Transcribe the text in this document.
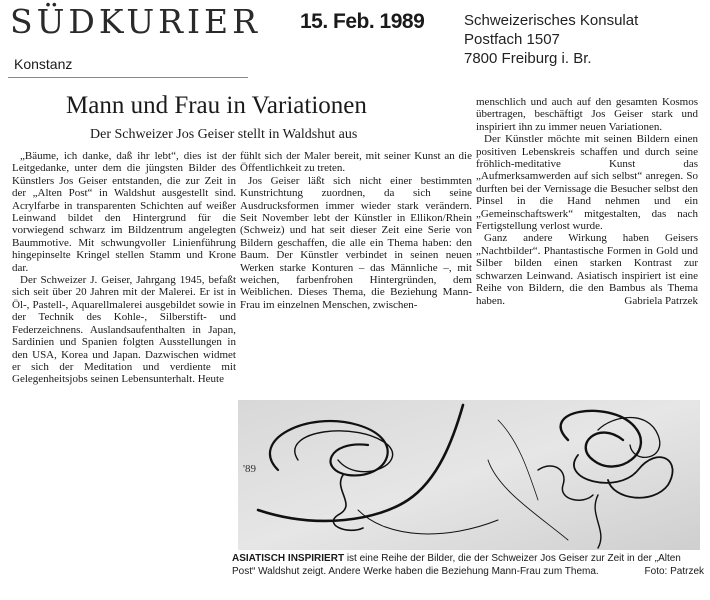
SÜDKURIER
Konstanz
15. Feb. 1989	Schweizerisches Konsulat
Postfach 1507
7800 Freiburg i. Br.
Mann und Frau in Variationen
Der Schweizer Jos Geiser stellt in Waldshut aus

„Bäume, ich danke, daß ihr lebt“, dies ist der Leitgedanke, unter dem die jüngsten Bilder des Künstlers Jos Geiser entstanden, die zur Zeit in der „Alten Post“ in Waldshut ausgestellt sind. Acrylfarbe in transparenten Schichten auf weißer Leinwand bildet den Hintergrund für die vorwiegend schwarz im Bildzentrum angelegten Baummotive. Mit schwungvoller Linienführung hingepinselte Kringel stellen Stamm und Krone dar.

Der Schweizer J. Geiser, Jahrgang 1945, befaßt sich seit über 20 Jahren mit der Malerei. Er ist in Öl-, Pastell-, Aquarellmalerei ausgebildet sowie in der Technik des Kohle-, Silberstift- und Federzeichnens. Auslandsaufenthalten in Japan, Sardinien und Spanien folgten Ausstellungen in den USA, Korea und Japan. Dazwischen widmet er sich der Meditation und verdiente mit Gelegenheitsjobs seinen Lebensunterhalt. Heute

fühlt sich der Maler bereit, mit seiner Kunst an die Öffentlichkeit zu treten.

Jos Geiser läßt sich nicht einer bestimmten Kunstrichtung zuordnen, da sich seine Ausdrucksformen immer wieder stark verändern. Seit November lebt der Künstler in Ellikon/Rhein (Schweiz) und hat seit dieser Zeit eine Serie von Bildern geschaffen, die alle ein Thema haben: den Baum. Der Künstler verbindet in seinen neuen Werken starke Konturen – das Männliche –, mit weichen, farbenfrohen Hintergründen, dem Weiblichen. Dieses Thema, die Beziehung Mann-Frau im einzelnen Menschen, zwischen-

menschlich und auch auf den gesamten Kosmos übertragen, beschäftigt Jos Geiser stark und inspiriert ihn zu immer neuen Variationen.

Der Künstler möchte mit seinen Bildern einen positiven Lebenskreis schaffen und durch seine fröhlich-meditative Kunst das „Aufmerksamwerden auf sich selbst“ anregen. So durften bei der Vernissage die Besucher selbst den Pinsel in die Hand nehmen und ein „Gemeinschaftswerk“ mitgestalten, das nach Fertigstellung verlost wurde.

Ganz andere Wirkung haben Geisers „Nachtbilder“. Phantastische Formen in Gold und Silber bilden einen starken Kontrast zur schwarzen Leinwand. Asiatisch inspiriert ist eine Reihe von Bildern, die den Bambus als Thema haben.	Gabriela Patrzek

'89
ASIATISCH INSPIRIERT ist eine Reihe der Bilder, die der Schweizer Jos Geiser zur Zeit in der „Alten Post“ Waldshut zeigt. Andere Werke haben die Beziehung Mann-Frau zum Thema.	Foto: Patrzek
